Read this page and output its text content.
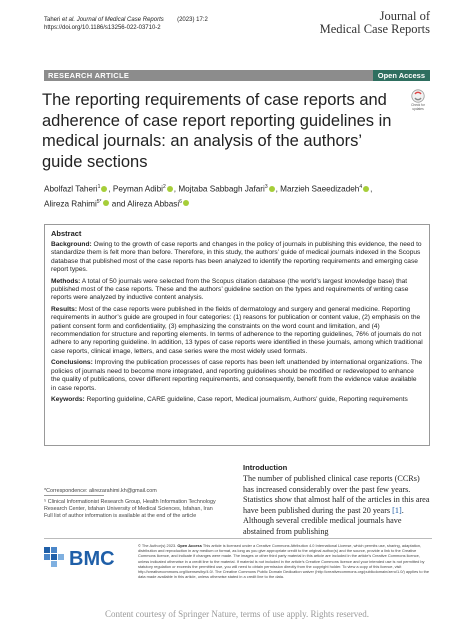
Taheri et al. Journal of Medical Case Reports (2023) 17:2
https://doi.org/10.1186/s13256-022-03710-2
Journal of
Medical Case Reports
RESEARCH ARTICLE	Open Access
The reporting requirements of case reports and adherence of case report reporting guidelines in medical journals: an analysis of the authors’ guide sections
Check for
updates
Abolfazl Taheri$^1$ , Peyman Adibi$^2$ , Mojtaba Sabbagh Jafari$^3$ , Marzieh Saeedizadeh$^4$ ,
Alireza Rahimi$^{5*}$ and Alireza Abbasi$^6$
Abstract

Background: Owing to the growth of case reports and changes in the policy of journals in publishing this evidence, the need to standardize them is felt more than before. Therefore, in this study, the authors’ guide of medical journals indexed in the Scopus database that published most of the case reports has been analyzed to identify the reporting requirements and emerging case report types.

Methods: A total of 50 journals were selected from the Scopus citation database (the world’s largest knowledge base) that published most of the case reports. These and the authors’ guideline section on the types and requirements of writing case reports were analyzed by inductive content analysis.

Results: Most of the case reports were published in the fields of dermatology and surgery and general medicine. Reporting requirements in author’s guide are grouped in four categories: (1) reasons for publication or content value, (2) emphasis on the patient consent form and confidentiality, (3) emphasizing the constraints on the word count and limitation, and (4) recommendation for structure and reporting elements. In terms of adherence to the reporting guidelines, 76% of journals do not adhere to any reporting guideline. In addition, 13 types of case reports were identified in these journals, among which traditional case reports, clinical image, letters, and case series were the most widely used formats.

Conclusions: Improving the publication processes of case reports has been left unattended by international organizations. The policies of journals need to become more integrated, and reporting guidelines should be modified or redeveloped to enhance the quality of publications, cover different reporting requirements, and consequently, benefit from the evidence value available in case reports.

Keywords: Reporting guideline, CARE guideline, Case report, Medical journalism, Authors’ guide, Reporting requirements

*Correspondence: alirezarahimi.kh@gmail.com
⁵ Clinical Informationist Research Group, Health Information Technology Research Center, Isfahan University of Medical Sciences, Isfahan, Iran
Full list of author information is available at the end of the article
Introduction

The number of published clinical case reports (CCRs) has increased considerably over the past few years. Statistics show that almost half of the articles in this area have been published during the past 20 years [1]. Although several credible medical journals have abstained from publishing

BMC
© The Author(s) 2023. Open Access This article is licensed under a Creative Commons Attribution 4.0 International License, which permits use, sharing, adaptation, distribution and reproduction in any medium or format, as long as you give appropriate credit to the original author(s) and the source, provide a link to the Creative Commons licence, and indicate if changes were made. The images or other third party material in this article are included in the article’s Creative Commons licence, unless indicated otherwise in a credit line to the material. If material is not included in the article’s Creative Commons licence and your intended use is not permitted by statutory regulation or exceeds the permitted use, you will need to obtain permission directly from the copyright holder. To view a copy of this licence, visit http://creativecommons.org/licenses/by/4.0/. The Creative Commons Public Domain Dedication waiver (http://creativecommons.org/publicdomain/zero/1.0/) applies to the data made available in this article, unless otherwise stated in a credit line to the data.
Content courtesy of Springer Nature, terms of use apply. Rights reserved.
